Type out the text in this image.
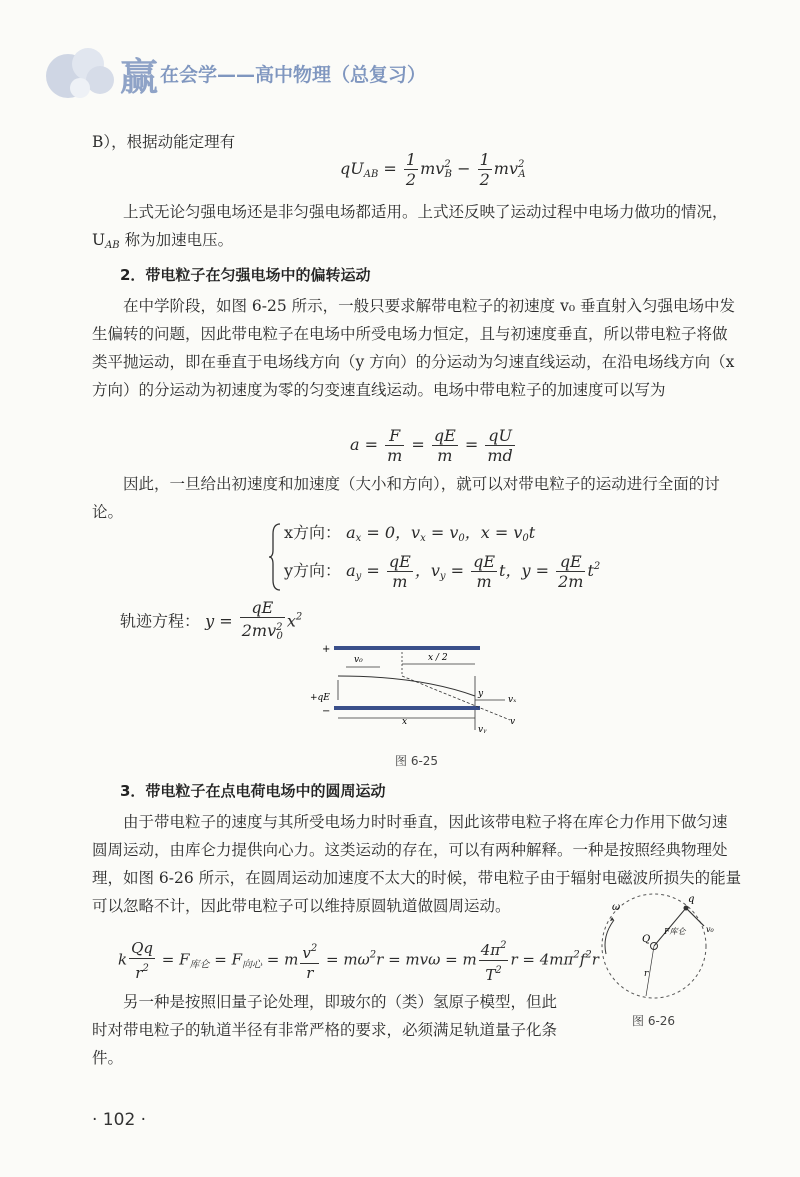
赢 在会学——高中物理（总复习）

B），根据动能定理有

$qU_{AB} = \frac{1}{2} mv^2_B - \frac{1}{2} mv^2_A$

上式无论匀强电场还是非匀强电场都适用。上式还反映了运动过程中电场力做功的情况，$U_{AB}$ 称为加速电压。

2．带电粒子在匀强电场中的偏转运动

在中学阶段，如图 6-25 所示，一般只要求解带电粒子的初速度 v₀ 垂直射入匀强电场中发生偏转的问题，因此带电粒子在电场中所受电场力恒定，且与初速度垂直，所以带电粒子将做类平抛运动，即在垂直于电场线方向（y 方向）的分运动为匀速直线运动，在沿电场线方向（x 方向）的分运动为初速度为零的匀变速直线运动。电场中带电粒子的加速度可以写为

$a = \frac{F}{m} = \frac{qE}{m} = \frac{qU}{md}$

因此，一旦给出初速度和加速度（大小和方向），就可以对带电粒子的运动进行全面的讨论。

x方向： $a_x = 0$，$v_x = v_0$，$x = v_0t$
y方向： $a_y = \frac{qE}{m}$ ，$v_y = \frac{qE}{m}$ t，$y = \frac{qE}{2m} t^2$
轨迹方程： $y = \frac{qE}{2mv^2_0} x^2$
+
−
x / 2
v₀
+qE	y
vₓ
vᵧ
v
x
图 6-25
3．带电粒子在点电荷电场中的圆周运动

由于带电粒子的速度与其所受电场力时时垂直，因此该带电粒子将在库仑力作用下做匀速圆周运动，由库仑力提供向心力。这类运动的存在，可以有两种解释。一种是按照经典物理处理，如图 6-26 所示，在圆周运动加速度不太大的时候，带电粒子由于辐射电磁波所损失的能量可以忽略不计，因此带电粒子可以维持原圆轨道做圆周运动。

k $\frac{Qq}{r^2} = F_{库仑} = F_{向心} = m \frac{v^2}{r} = m\omega^2r = mv\omega = m \frac{4\pi^2}{T^2}$ $r = 4m\pi^2f^2r$

另一种是按照旧量子论处理，即玻尔的（类）氢原子模型，但此时对带电粒子的轨道半径有非常严格的要求，必须满足轨道量子化条件。

ω
Q
q
v₀
F库仑
r
图 6-26
· 102 ·
